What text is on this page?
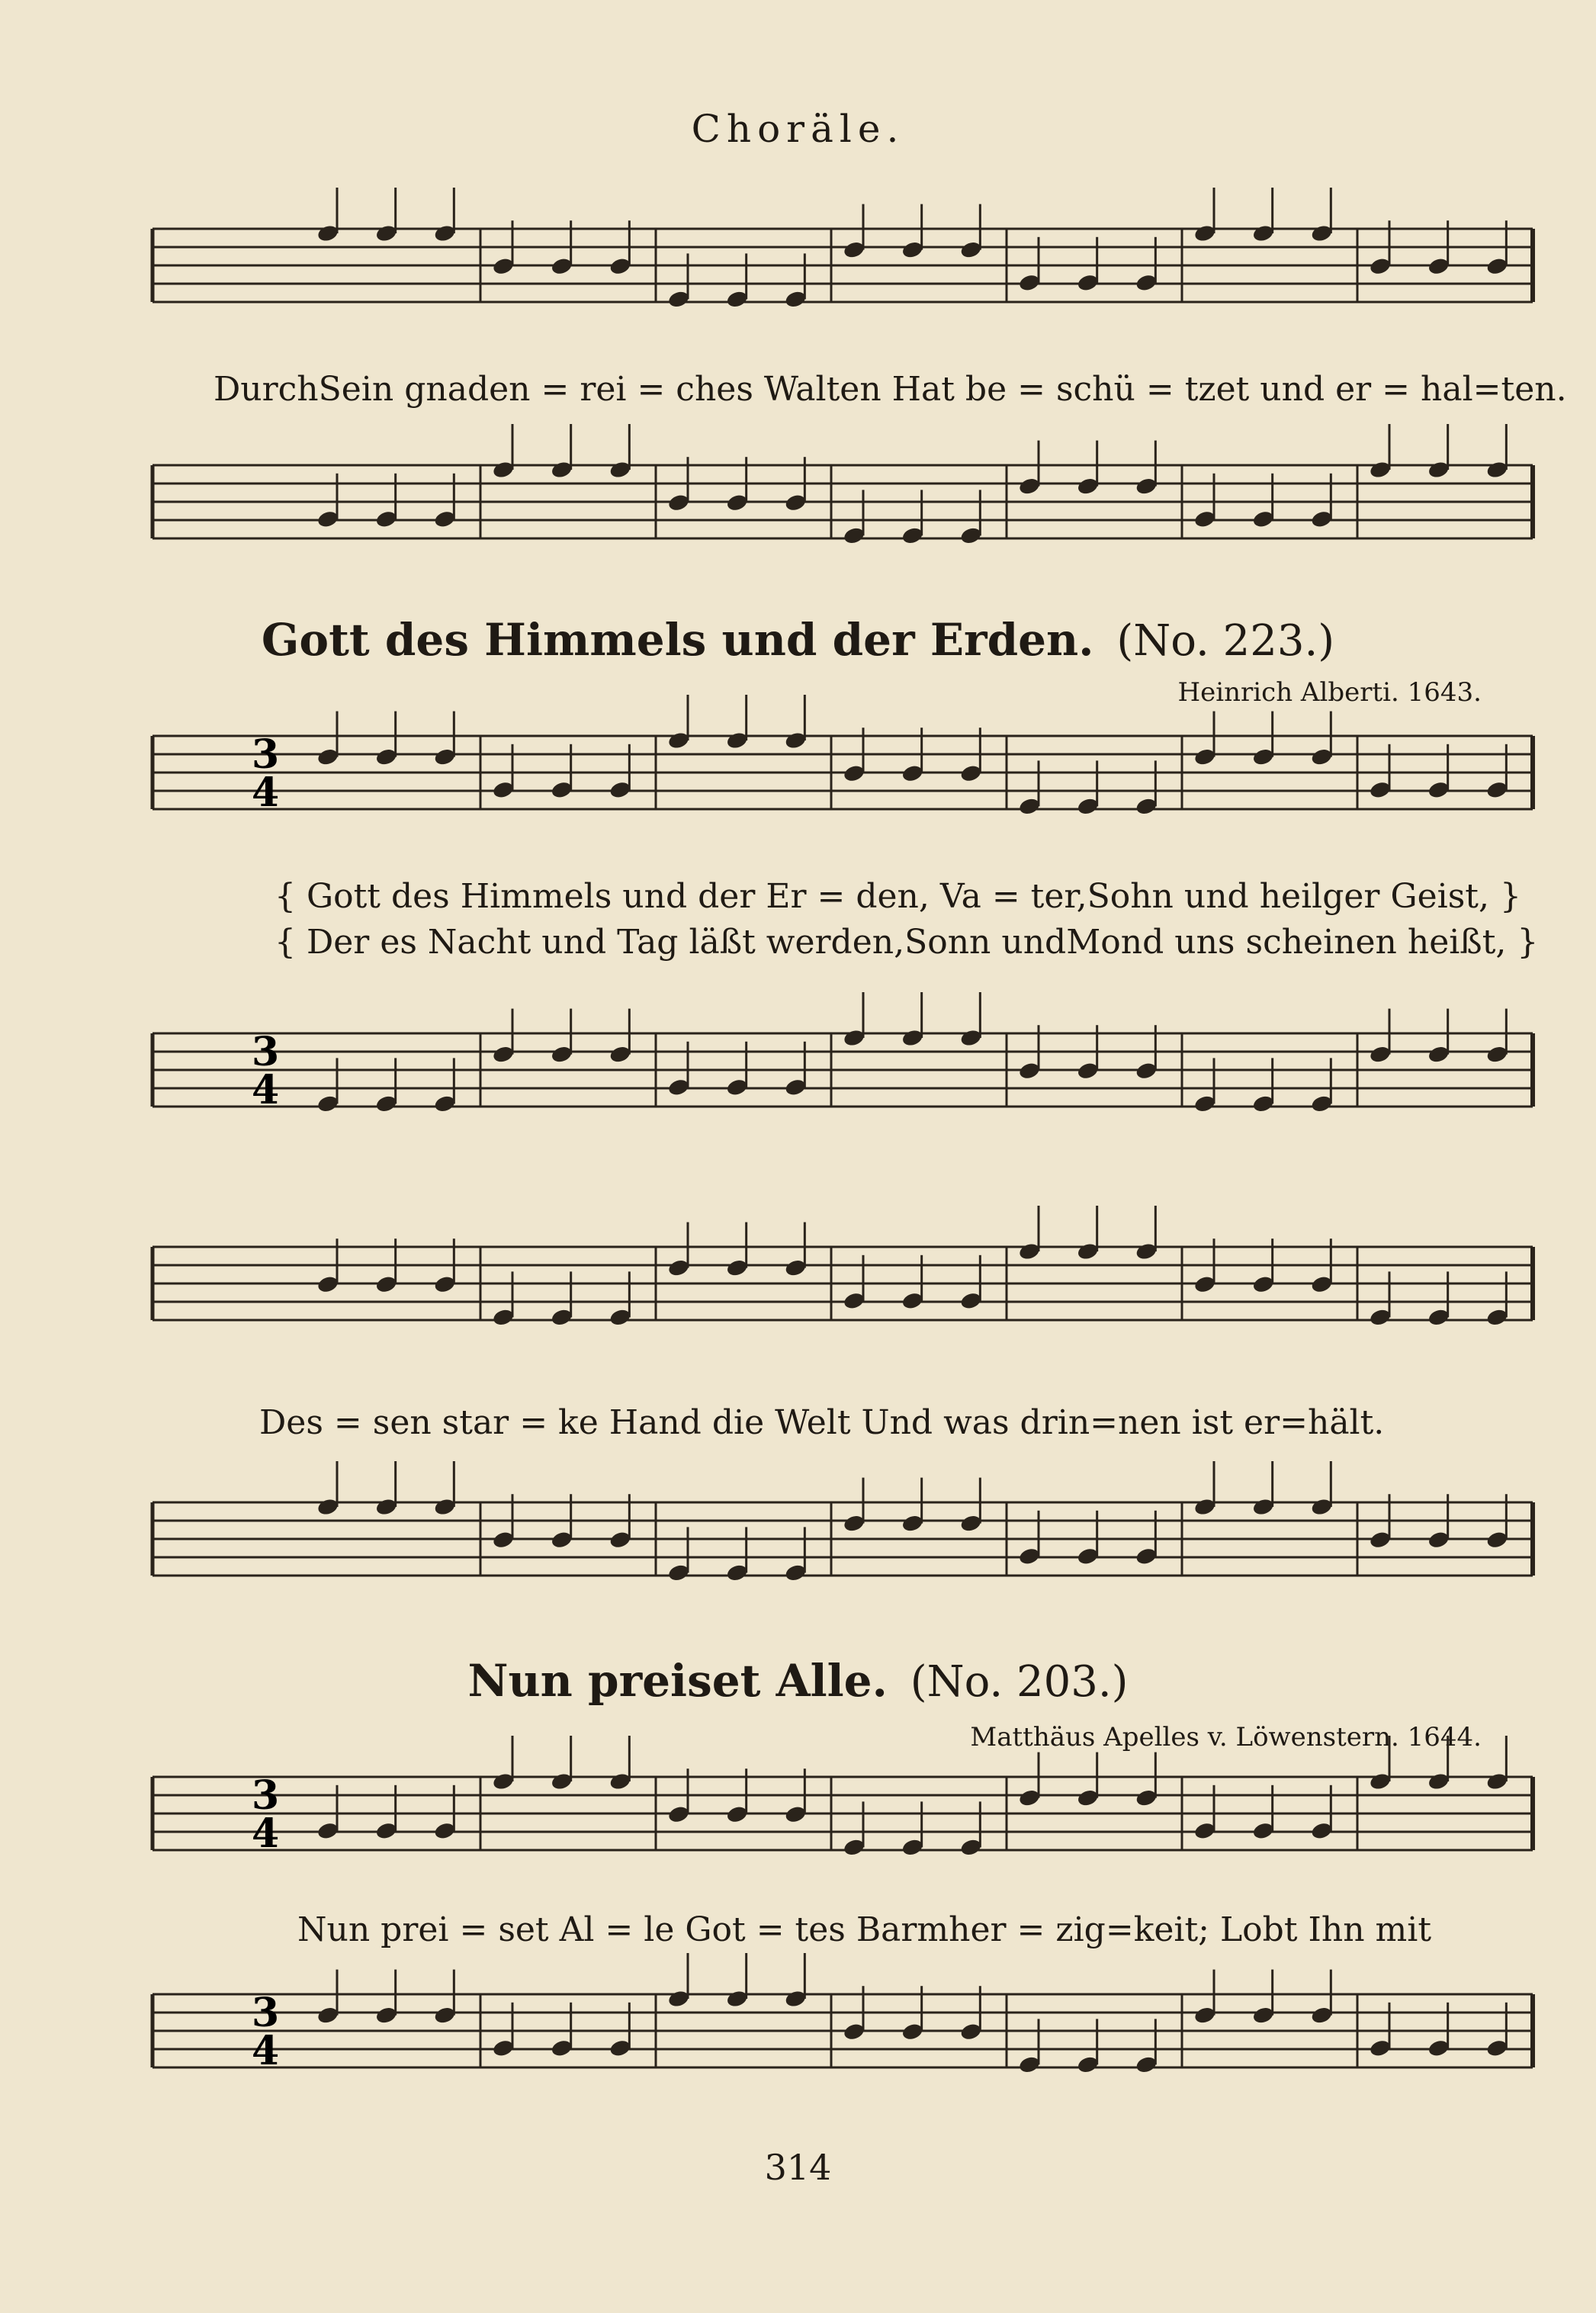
Choräle.
DurchSein gnaden = rei = ches Walten Hat be = schü = tzet und er = hal=ten.
Gott des Himmels und der Erden. (No. 223.)
Heinrich Alberti. 1643.
3
4
{ Gott des Himmels und der Er = den, Va = ter,Sohn und heilger Geist, }
{ Der es Nacht und Tag läßt werden,Sonn undMond uns scheinen heißt, }
3
4
Des = sen star = ke Hand die Welt Und was drin=nen ist er=hält.
Nun preiset Alle. (No. 203.)
Matthäus Apelles v. Löwenstern. 1644.
3
4
Nun prei = set Al = le Got = tes Barmher = zig=keit; Lobt Ihn mit
3
4
314
